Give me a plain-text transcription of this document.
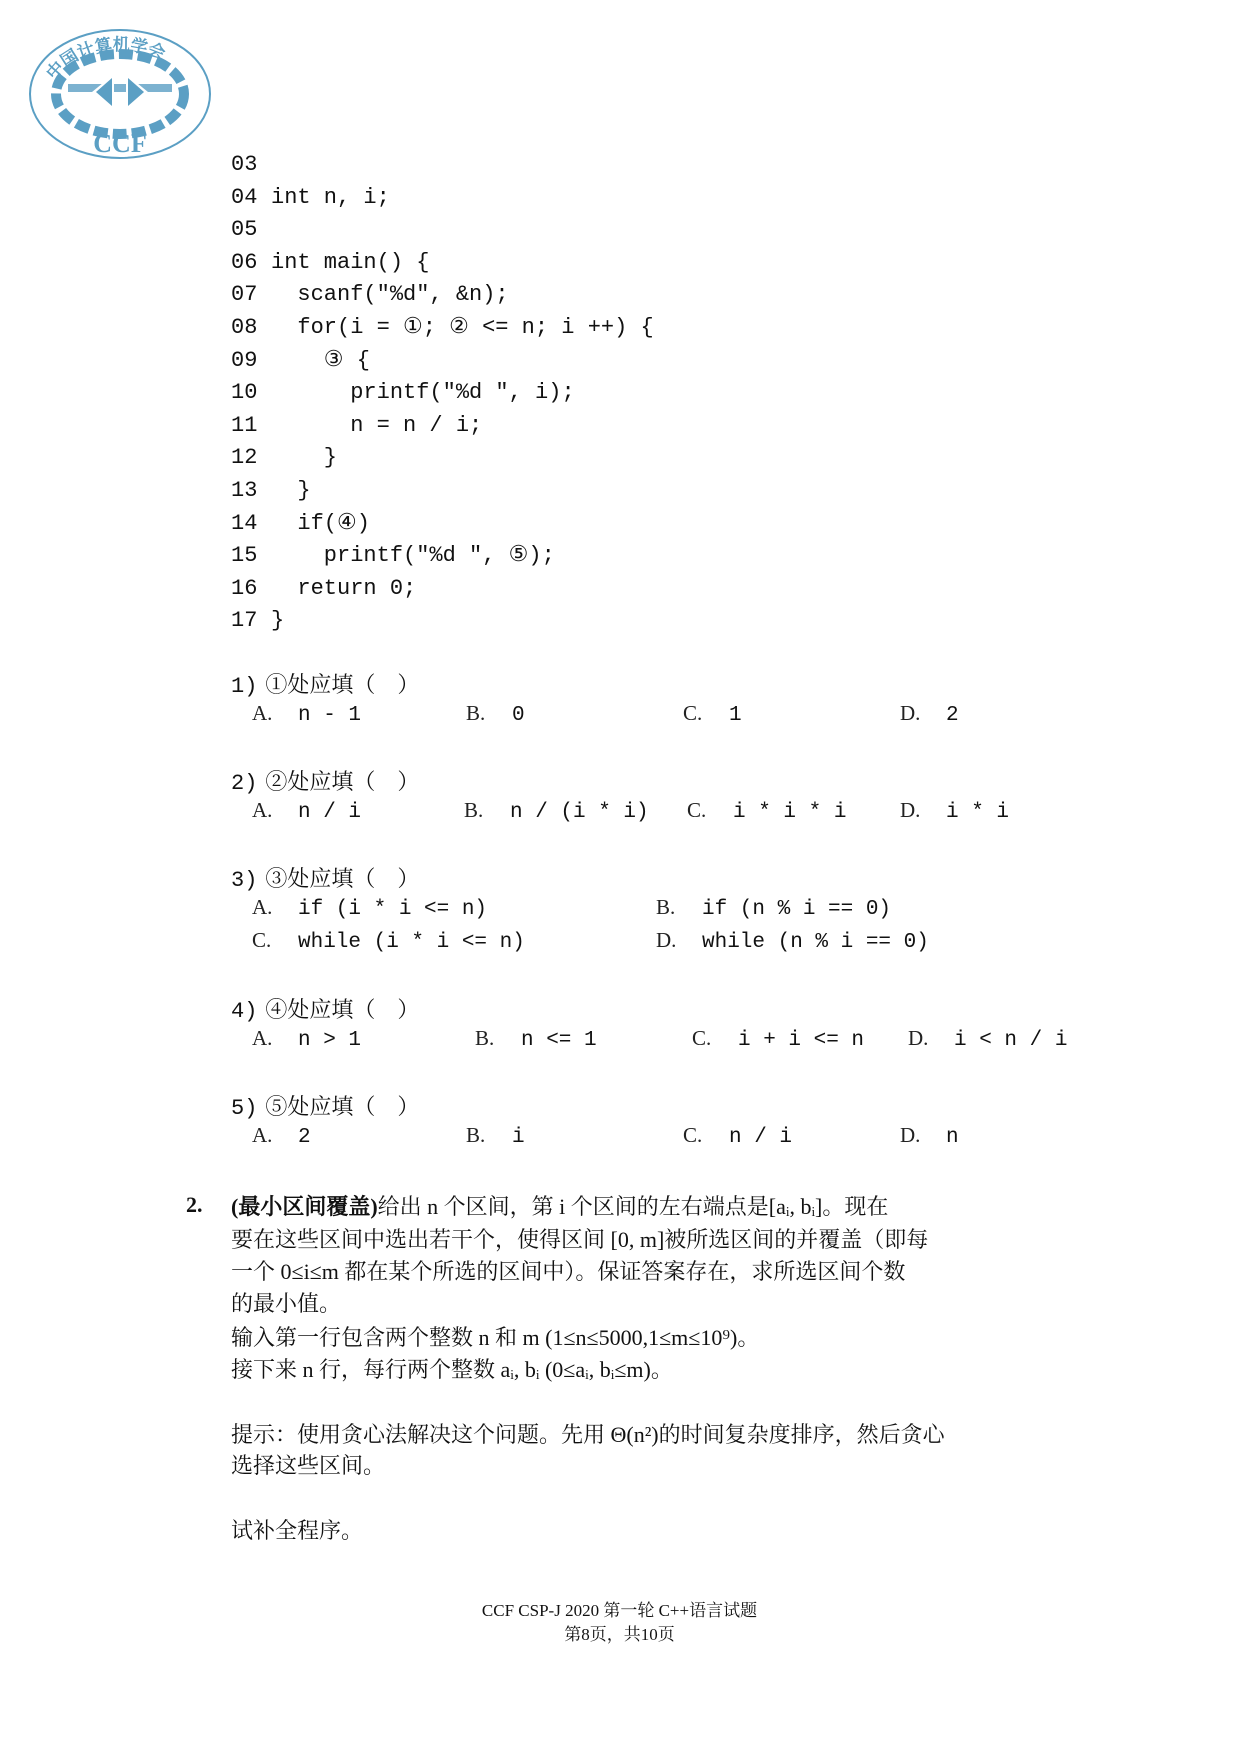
中国计算机学会
CCF
03
04 int n, i;
05
06 int main() {
07  scanf("%d", &n);
08  for(i = ①; ② <= n; i ++) {
09    ③ {
10      printf("%d ", i);
11      n = n / i;
12    }
13  }
14  if(④)
15    printf("%d ", ⑤);
16  return 0;
17 }
1) ①处应填（　）
A. n - 1	B. 0	C. 1	D. 2
2) ②处应填（　）
A. n / i	B. n / (i * i) C. i * i * i	D. i * i
3) ③处应填（　）
A. if (i * i <= n)	B. if (n % i == 0)
C. while (i * i <= n)	D. while (n % i == 0)
4) ④处应填（　）
A. n > 1	B. n <= 1	C. i + i <= n D. i < n / i
5) ⑤处应填（　）
A. 2	B. i	C. n / i	D. n
2. (最小区间覆盖)给出 n 个区间，第 i 个区间的左右端点是[aᵢ, bᵢ]。现在
要在这些区间中选出若干个，使得区间 [0, m]被所选区间的并覆盖（即每
一个 0≤i≤m 都在某个所选的区间中）。保证答案存在，求所选区间个数
的最小值。
输入第一行包含两个整数 n 和 m (1≤n≤5000,1≤m≤10⁹)。
接下来 n 行，每行两个整数 aᵢ, bᵢ (0≤aᵢ, bᵢ≤m)。
提示：使用贪心法解决这个问题。先用 Θ(n²)的时间复杂度排序，然后贪心
选择这些区间。
试补全程序。
CCF CSP-J 2020 第一轮 C++语言试题
第8页，共10页
